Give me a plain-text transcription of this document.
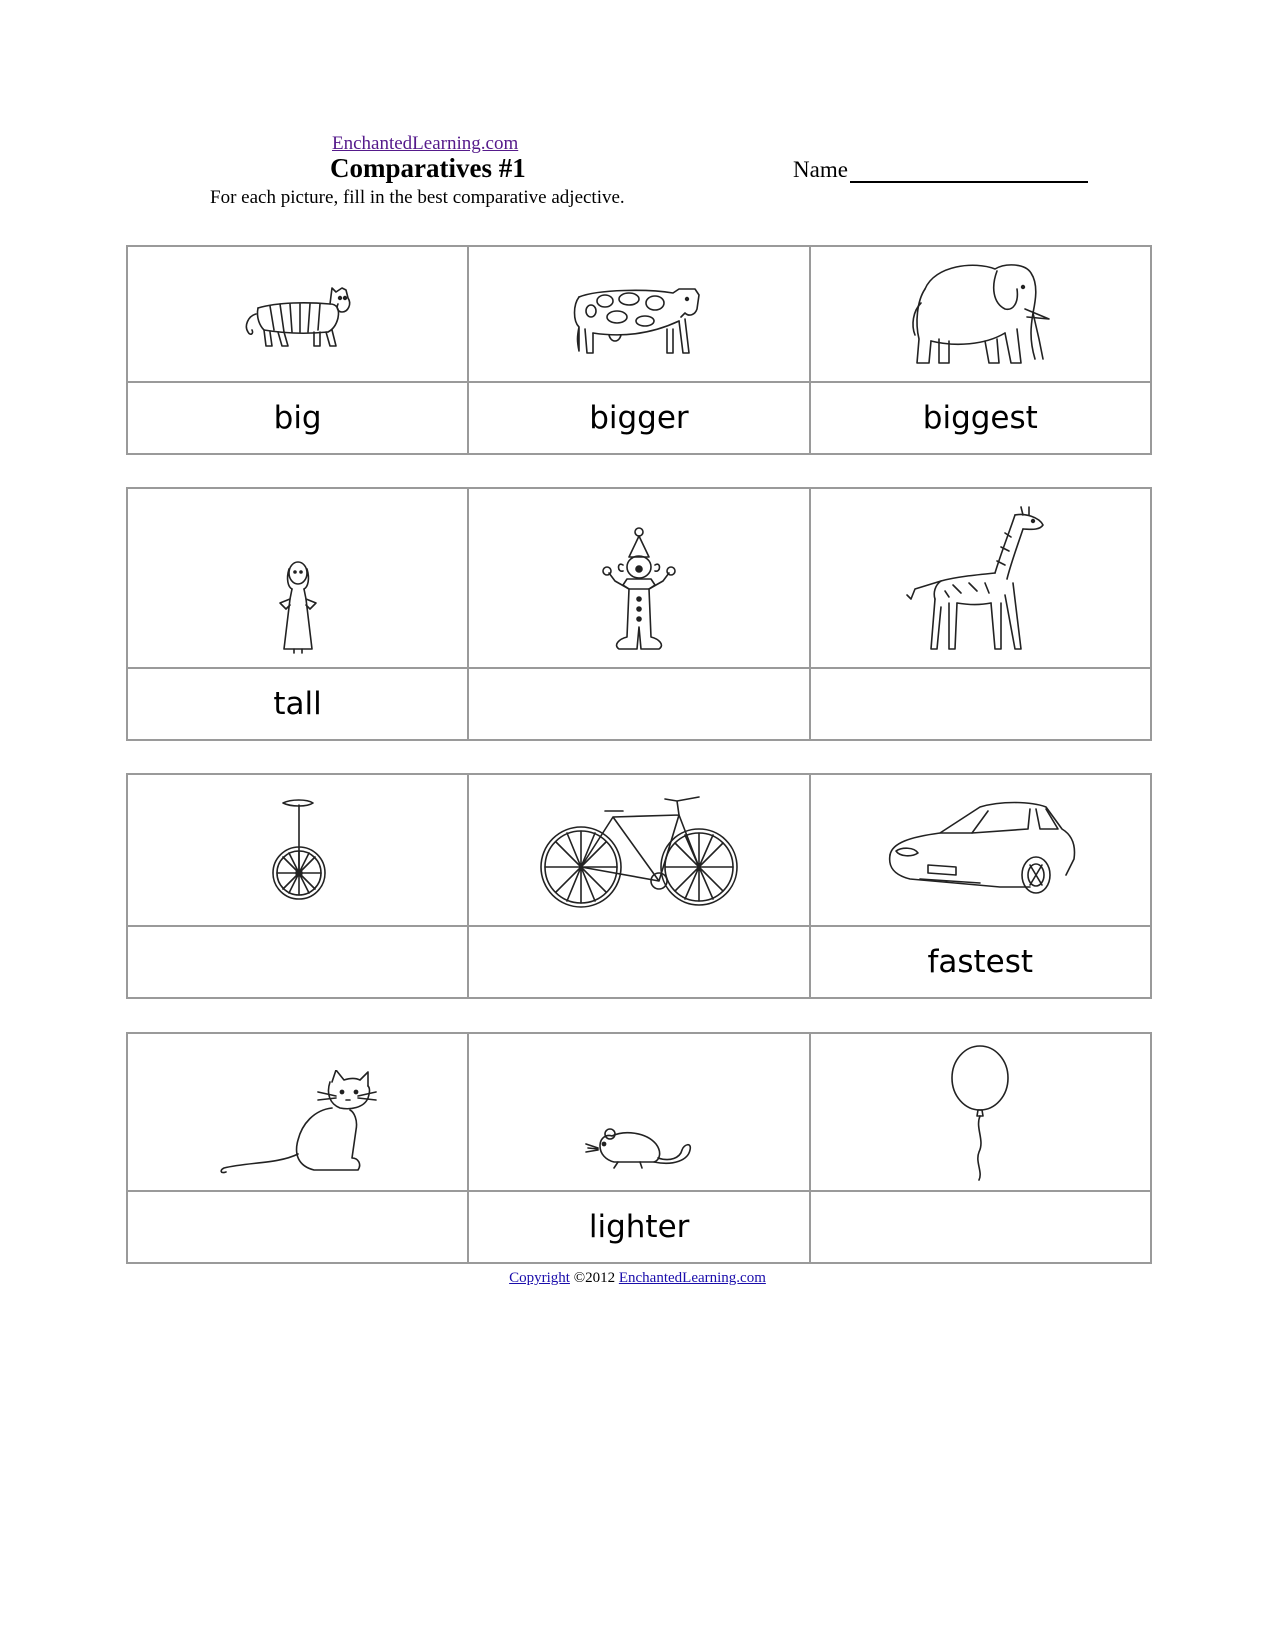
EnchantedLearning.com
Comparatives #1
For each picture, fill in the best comparative adjective.
Name

big	bigger	biggest

tall		

		fastest

	lighter	
Copyright ©2012 EnchantedLearning.com
